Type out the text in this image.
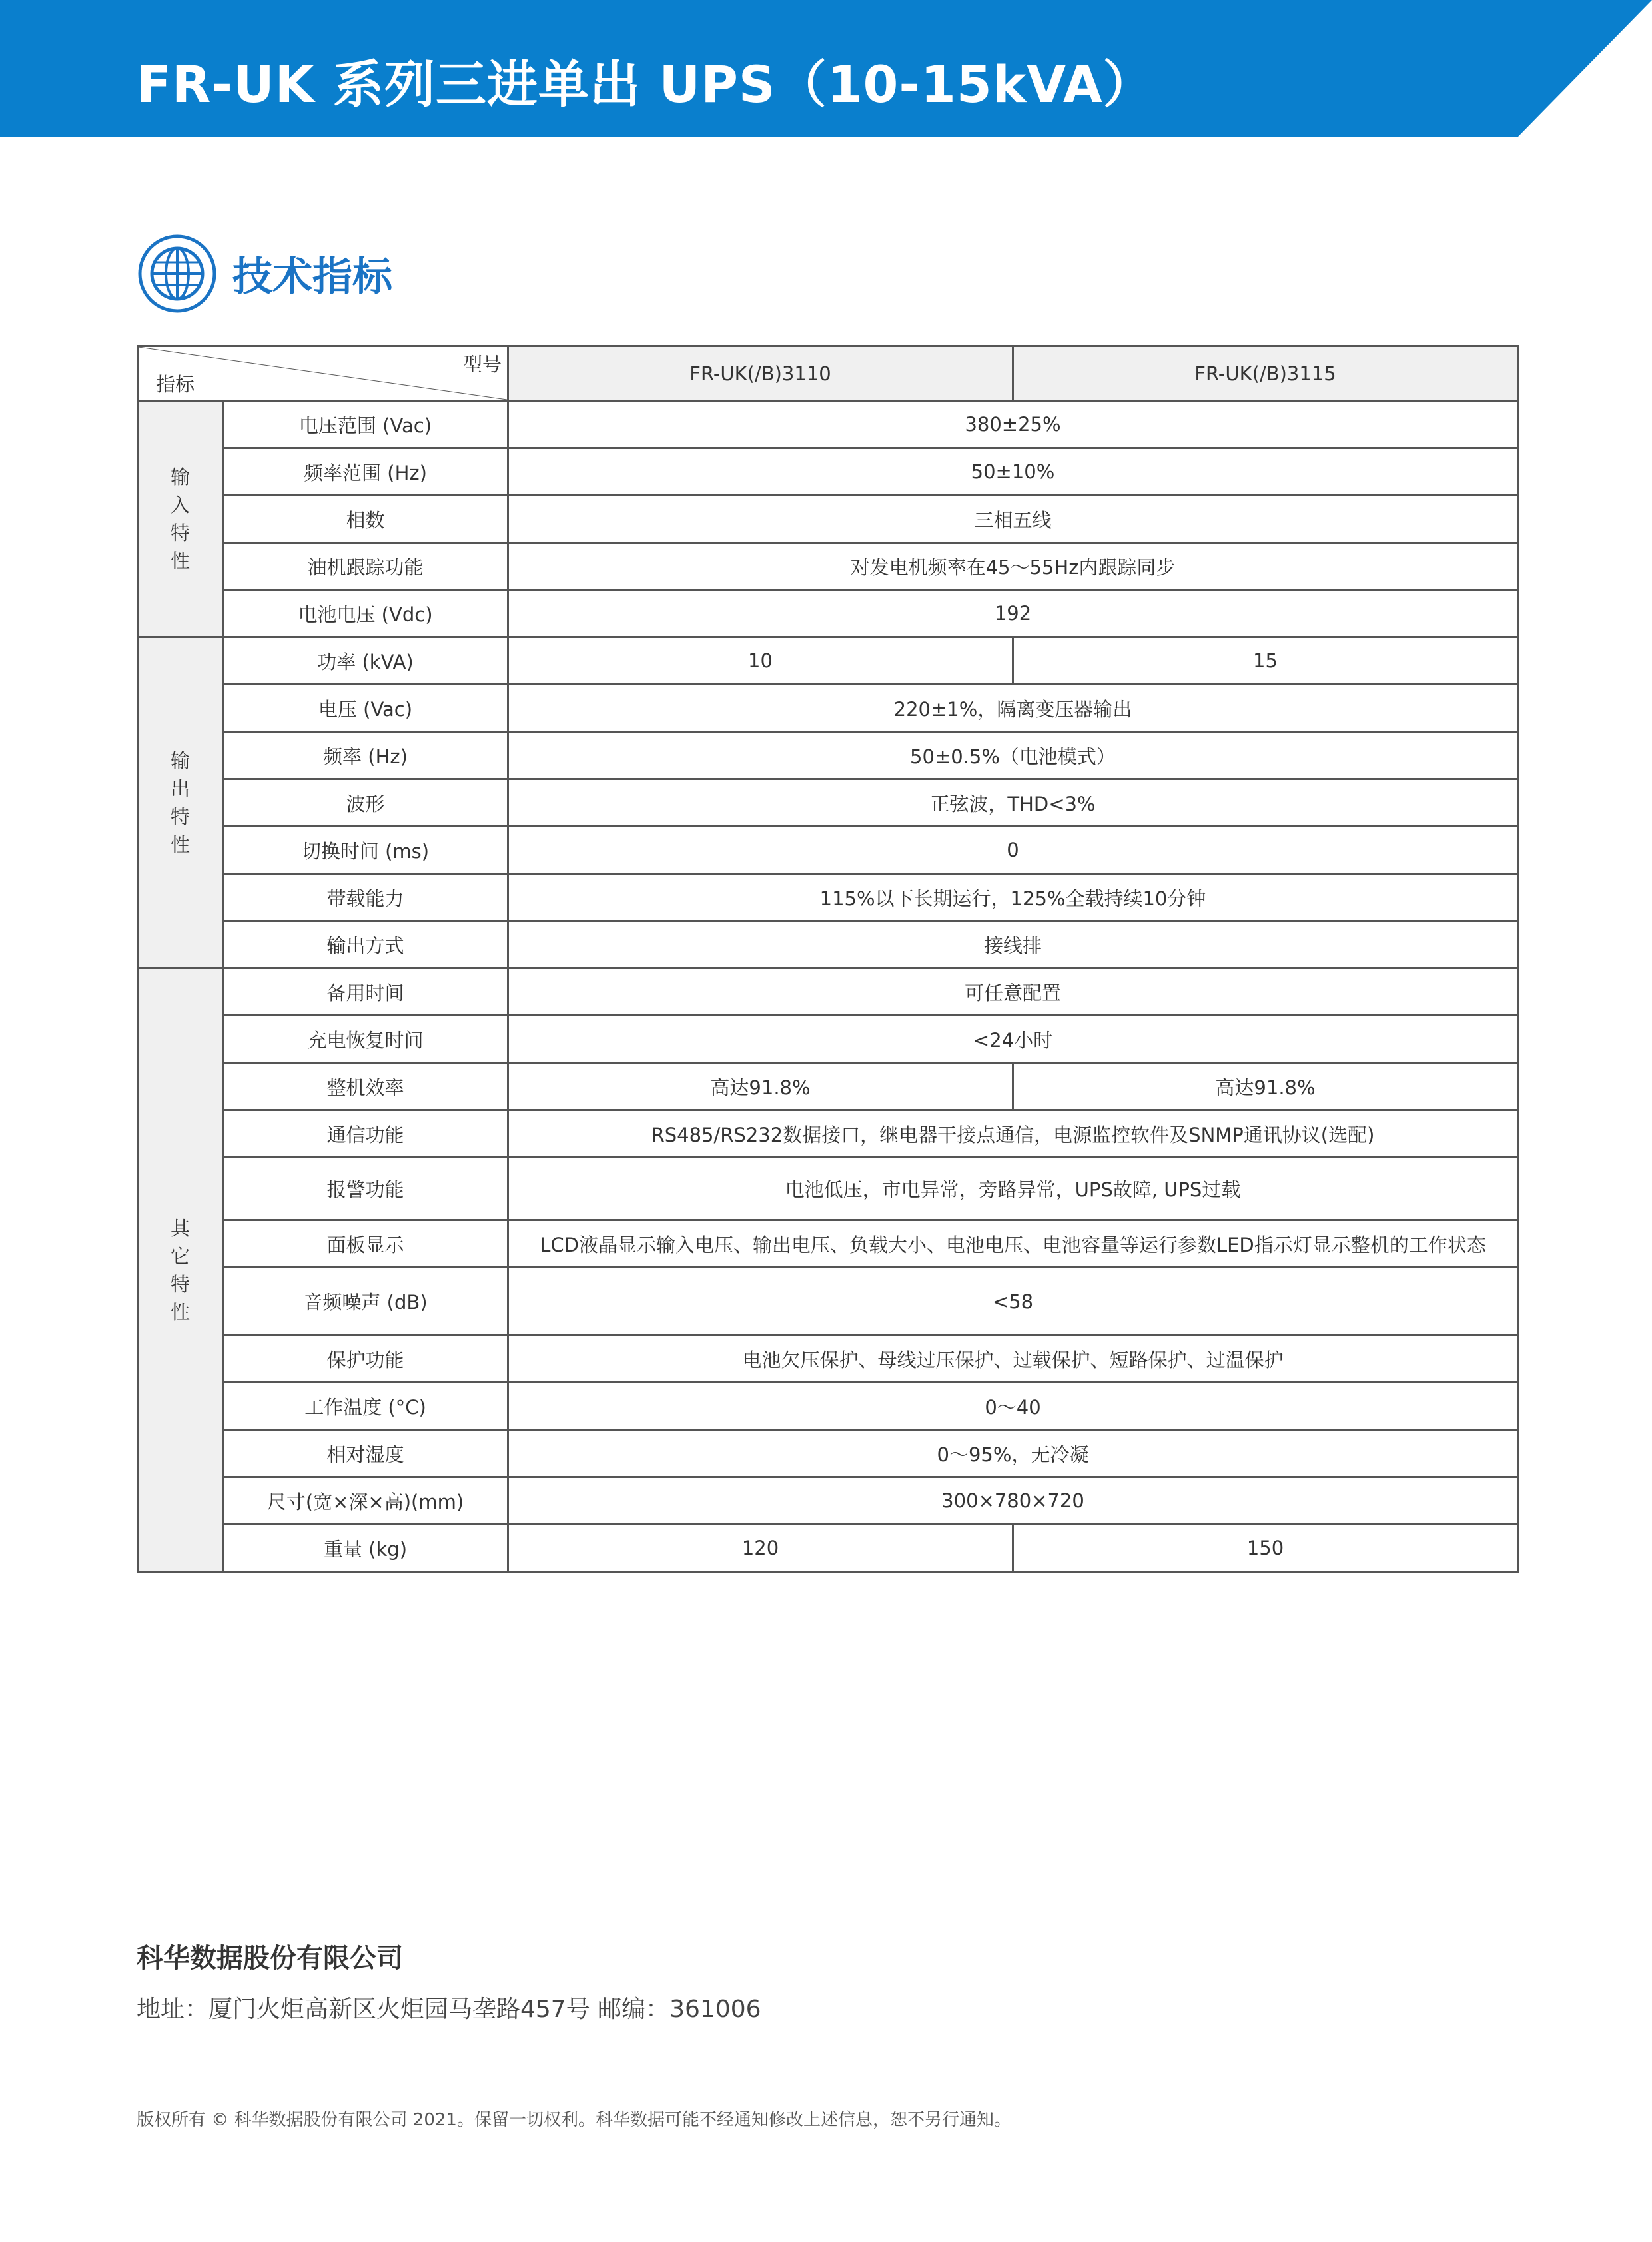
FR-UK 系列三进单出 UPS（10-15kVA）
技术指标
型号
指标		FR-UK(/B)3110	FR-UK(/B)3115
输入特性	电压范围 (Vac)	380±25%	
	频率范围 (Hz)	50±10%	
	相数	三相五线	
	油机跟踪功能	对发电机频率在45～55Hz内跟踪同步	
	电池电压 (Vdc)	192	
输出特性	功率 (kVA)	10	15
	电压 (Vac)	220±1%，隔离变压器输出	
	频率 (Hz)	50±0.5%（电池模式）	
	波形	正弦波，THD<3%	
	切换时间 (ms)	0	
	带载能力	115%以下长期运行，125%全载持续10分钟	
	输出方式	接线排	
其它特性	备用时间	可任意配置	
	充电恢复时间	<24小时	
	整机效率	高达91.8%	高达91.8%
	通信功能	RS485/RS232数据接口，继电器干接点通信，电源监控软件及SNMP通讯协议(选配)	
	报警功能	电池低压，市电异常，旁路异常，UPS故障, UPS过载	
	面板显示	LCD液晶显示输入电压、输出电压、负载大小、电池电压、电池容量等运行参数LED指示灯显示整机的工作状态	
	音频噪声 (dB)	<58	
	保护功能	电池欠压保护、母线过压保护、过载保护、短路保护、过温保护	
	工作温度 (°C)	0～40	
	相对湿度	0～95%，无冷凝	
	尺寸(宽×深×高)(mm)	300×780×720	
	重量 (kg)	120	150
科华数据股份有限公司
地址：厦门火炬高新区火炬园马垄路457号 邮编：361006
版权所有 © 科华数据股份有限公司 2021。保留一切权利。科华数据可能不经通知修改上述信息，恕不另行通知。
